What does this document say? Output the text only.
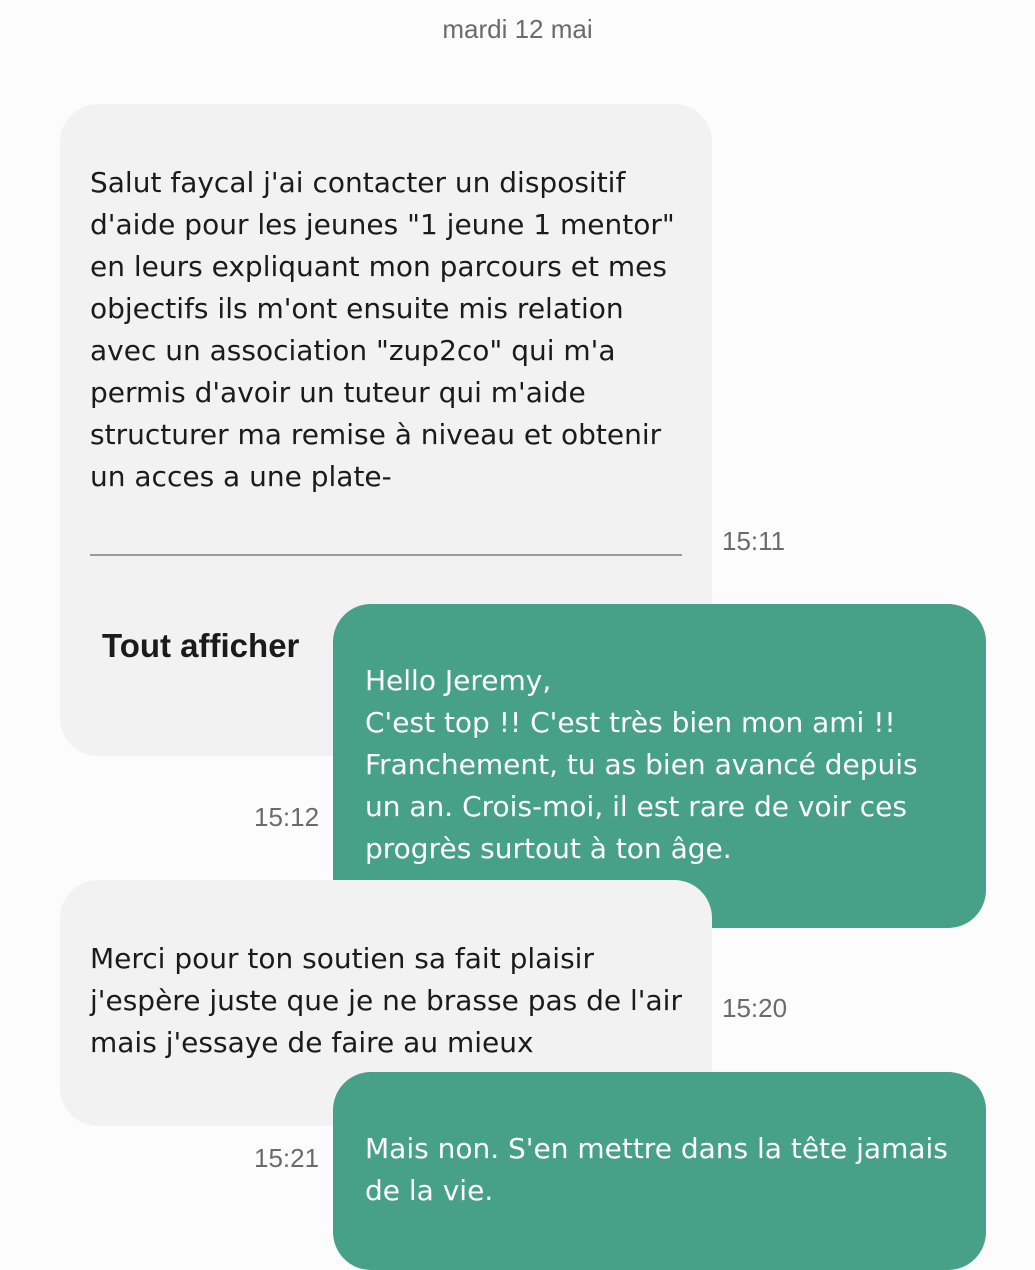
mardi 12 mai

Salut faycal j'ai contacter un dispositif d'aide pour les jeunes "1 jeune 1 mentor" en leurs expliquant mon parcours et mes objectifs ils m'ont ensuite mis relation avec un association "zup2co" qui m'a permis d'avoir un tuteur qui m'aide structurer ma remise à niveau et obtenir un acces a une plate-

Tout afficher

15:11

Hello Jeremy,
C'est top !! C'est très bien mon ami !! Franchement, tu as bien avancé depuis un an. Crois-moi, il est rare de voir ces progrès surtout à ton âge.

15:12

Merci pour ton soutien sa fait plaisir j'espère juste que je ne brasse pas de l'air mais j'essaye de faire au mieux

15:20

Mais non. S'en mettre dans la tête jamais de la vie.

15:21
